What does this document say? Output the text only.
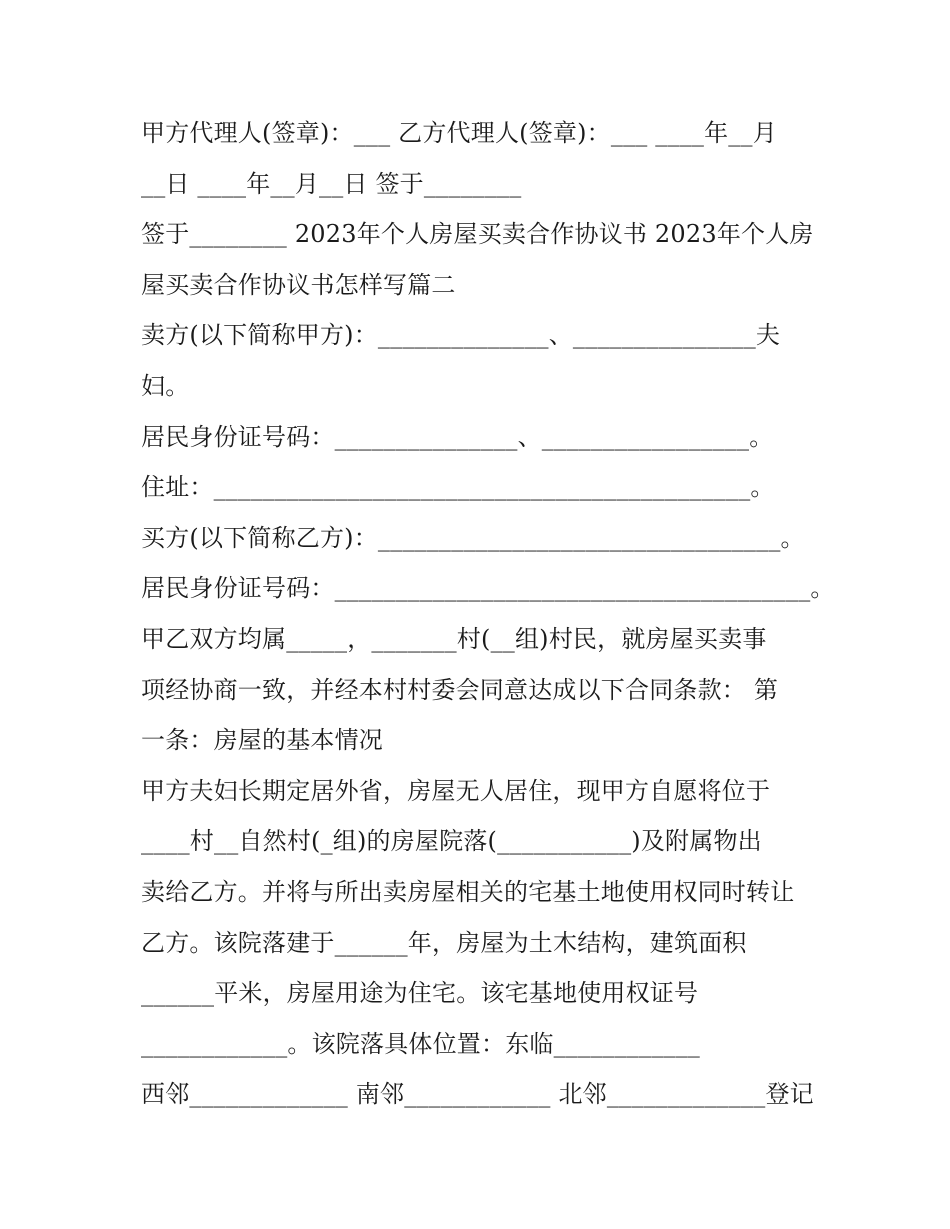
甲方代理人(签章)：___ 乙方代理人(签章)：___ ____年__月
__日 ____年__月__日 签于________
签于________ 2023年个人房屋买卖合作协议书 2023年个人房
屋买卖合作协议书怎样写篇二
卖方(以下简称甲方)：______________、_______________夫
妇。
居民身份证号码：_______________、_________________。
住址：____________________________________________。
买方(以下简称乙方)：_________________________________。
居民身份证号码：_______________________________________。
甲乙双方均属_____，_______村(__组)村民，就房屋买卖事
项经协商一致，并经本村村委会同意达成以下合同条款： 第
一条：房屋的基本情况
甲方夫妇长期定居外省，房屋无人居住，现甲方自愿将位于
____村__自然村(_组)的房屋院落(___________)及附属物出
卖给乙方。并将与所出卖房屋相关的宅基土地使用权同时转让
乙方。该院落建于______年，房屋为土木结构，建筑面积
______平米，房屋用途为住宅。该宅基地使用权证号
____________。该院落具体位置：东临____________
西邻_____________ 南邻____________ 北邻_____________登记
